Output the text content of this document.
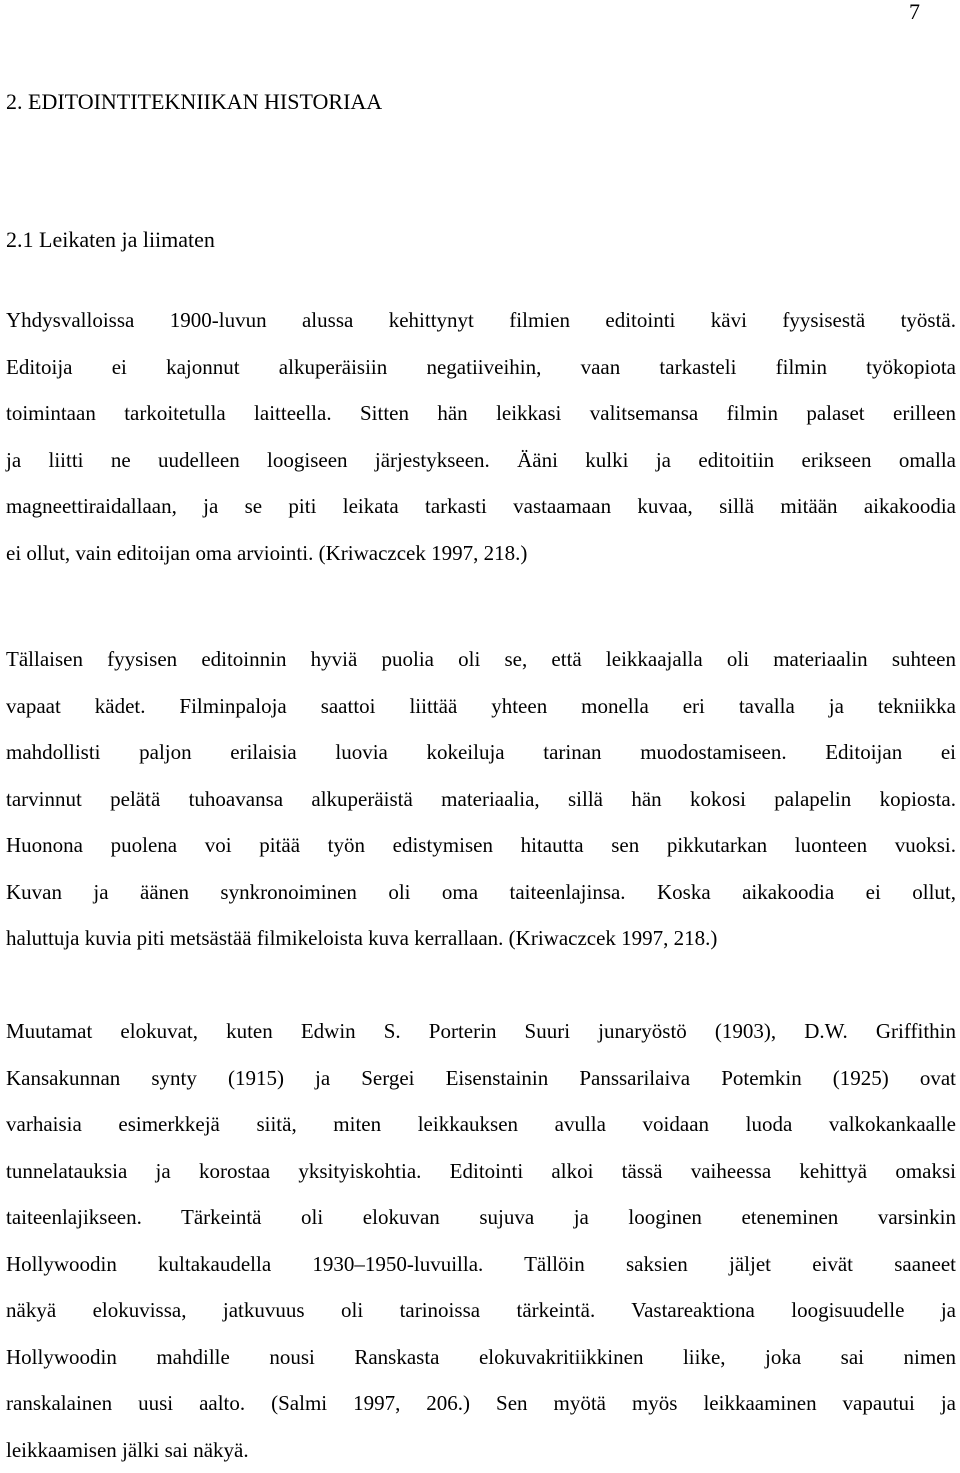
7
2. EDITOINTITEKNIIKAN HISTORIAA
2.1 Leikaten ja liimaten

Yhdysvalloissa 1900-luvun alussa kehittynyt filmien editointi kävi fyysisestä työstä.
Editoija ei kajonnut alkuperäisiin negatiiveihin, vaan tarkasteli filmin työkopiota
toimintaan tarkoitetulla laitteella. Sitten hän leikkasi valitsemansa filmin palaset erilleen
ja liitti ne uudelleen loogiseen järjestykseen. Ääni kulki ja editoitiin erikseen omalla
magneettiraidallaan, ja se piti leikata tarkasti vastaamaan kuvaa, sillä mitään aikakoodia
ei ollut, vain editoijan oma arviointi. (Kriwaczcek 1997, 218.)

Tällaisen fyysisen editoinnin hyviä puolia oli se, että leikkaajalla oli materiaalin suhteen
vapaat kädet. Filminpaloja saattoi liittää yhteen monella eri tavalla ja tekniikka
mahdollisti paljon erilaisia luovia kokeiluja tarinan muodostamiseen. Editoijan ei
tarvinnut pelätä tuhoavansa alkuperäistä materiaalia, sillä hän kokosi palapelin kopiosta.
Huonona puolena voi pitää työn edistymisen hitautta sen pikkutarkan luonteen vuoksi.
Kuvan ja äänen synkronoiminen oli oma taiteenlajinsa. Koska aikakoodia ei ollut,
haluttuja kuvia piti metsästää filmikeloista kuva kerrallaan. (Kriwaczcek 1997, 218.)

Muutamat elokuvat, kuten Edwin S. Porterin Suuri junaryöstö (1903), D.W. Griffithin
Kansakunnan synty (1915) ja Sergei Eisenstainin Panssarilaiva Potemkin (1925) ovat
varhaisia esimerkkejä siitä, miten leikkauksen avulla voidaan luoda valkokankaalle
tunnelatauksia ja korostaa yksityiskohtia. Editointi alkoi tässä vaiheessa kehittyä omaksi
taiteenlajikseen. Tärkeintä oli elokuvan sujuva ja looginen eteneminen varsinkin
Hollywoodin kultakaudella 1930–1950-luvuilla. Tällöin saksien jäljet eivät saaneet
näkyä elokuvissa, jatkuvuus oli tarinoissa tärkeintä. Vastareaktiona loogisuudelle ja
Hollywoodin mahdille nousi Ranskasta elokuvakritiikkinen liike, joka sai nimen
ranskalainen uusi aalto. (Salmi 1997, 206.) Sen myötä myös leikkaaminen vapautui ja
leikkaamisen jälki sai näkyä.
